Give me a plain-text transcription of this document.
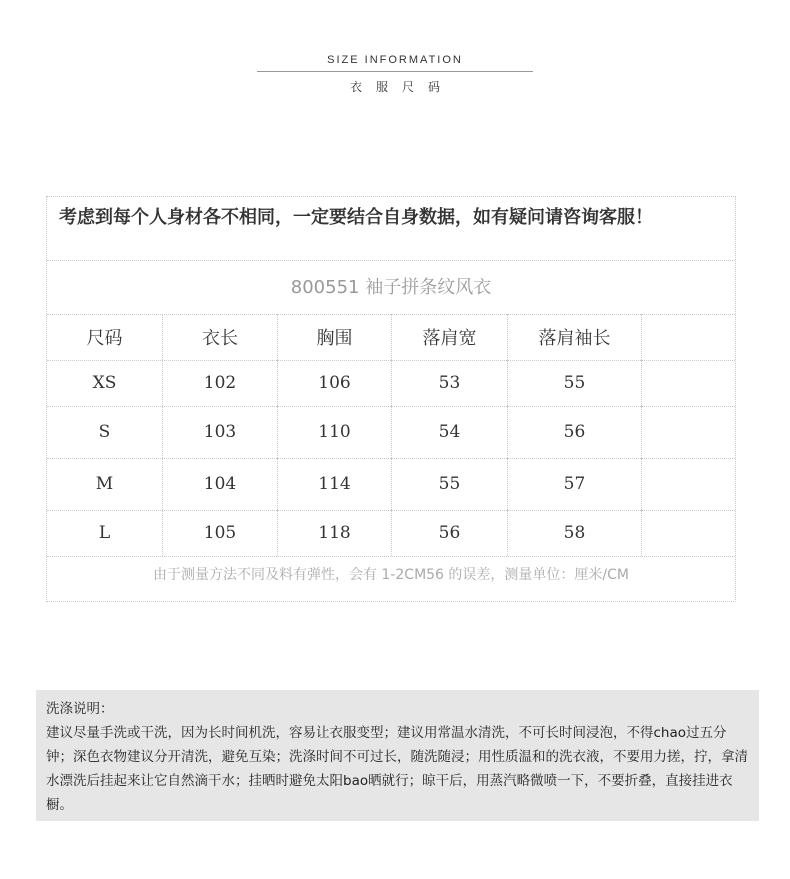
SIZE INFORMATION
衣服尺码
考虑到每个人身材各不相同，一定要结合自身数据，如有疑问请咨询客服！
800551 袖子拼条纹风衣
尺码	衣长	胸围	落肩宽	落肩袖长
XS	102	106	53	55
S	103	110	54	56
M	104	114	55	57
L	105	118	56	58
由于测量方法不同及料有弹性，会有 1-2CM56 的误差，测量单位：厘米/CM
洗涤说明：
建议尽量手洗或干洗，因为长时间机洗，容易让衣服变型；建议用常温水清洗，不可长时间浸泡，不得chao过五分钟；深色衣物建议分开清洗，避免互染；洗涤时间不可过长，随洗随浸；用性质温和的洗衣液，不要用力搓，拧，拿清水漂洗后挂起来让它自然滴干水；挂晒时避免太阳bao晒就行；晾干后，用蒸汽略微喷一下，不要折叠，直接挂进衣橱。
